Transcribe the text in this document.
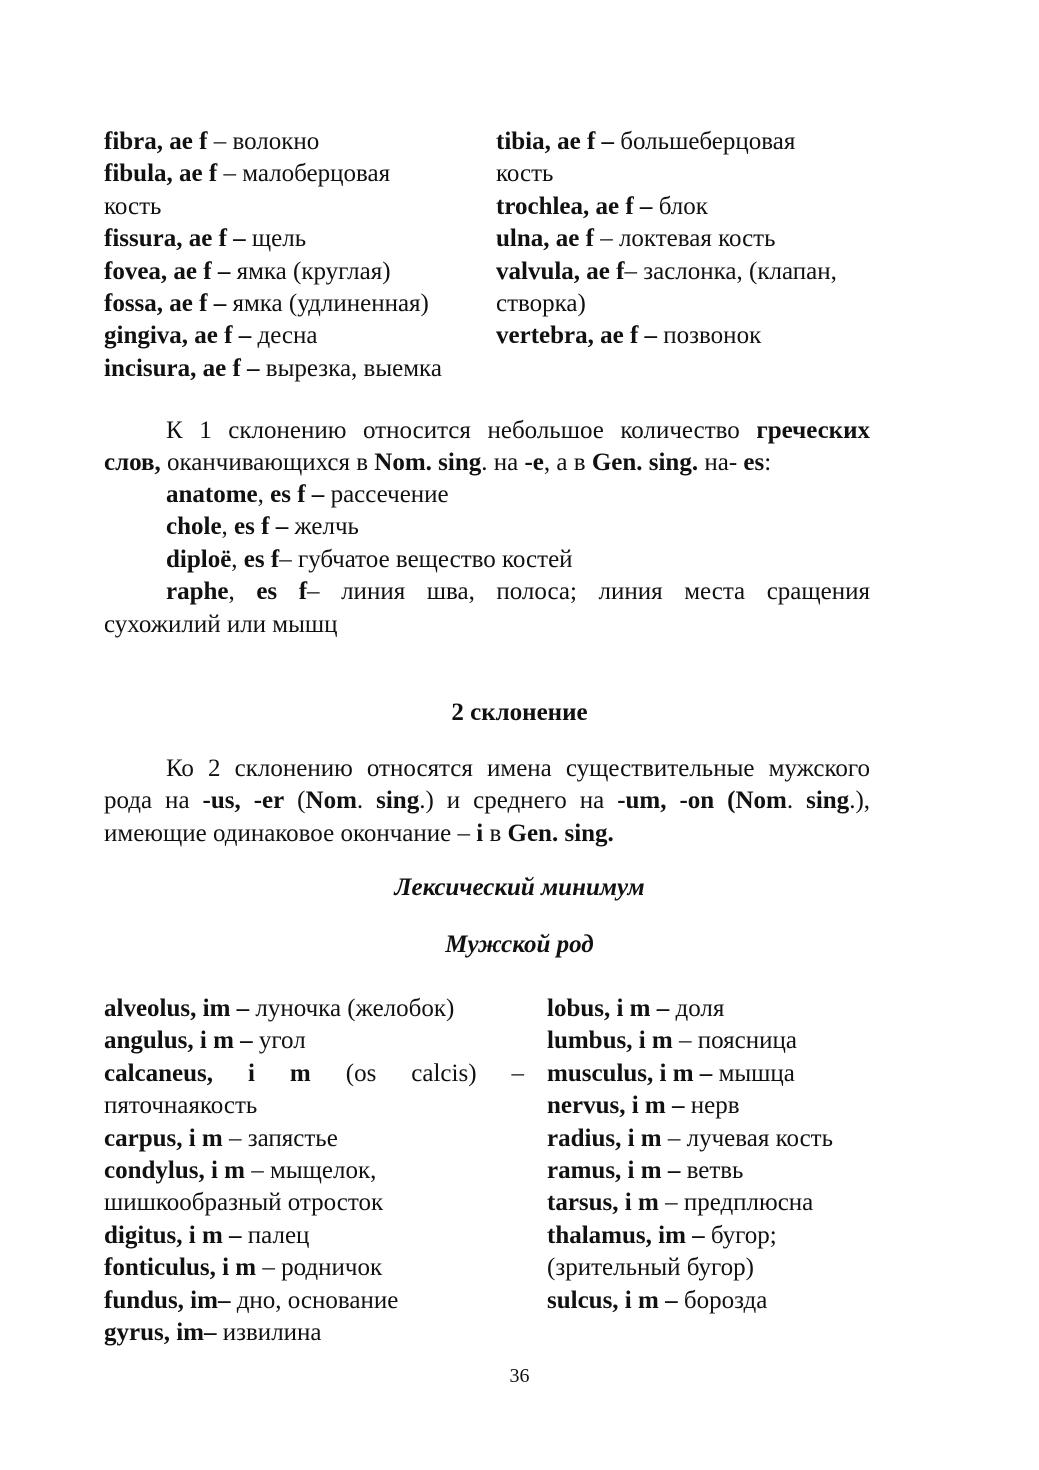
fibra, ae f – волокно
fibula, ae f – малоберцовая кость
fissura, ae f – щель
fovea, ae f – ямка (круглая)
fossa, ae f – ямка (удлиненная)
gingiva, ae f – десна
incisura, ae f – вырезка, выемка
tibia, ae f – большеберцовая кость
trochlea, ae f – блок
ulna, ae f – локтевая кость
valvula, ae f– заслонка, (клапан, створка)
vertebra, ae f – позвонок
К 1 склонению относится небольшое количество греческих слов, оканчивающихся в Nom. sing. на -e, а в Gen. sing. на- es:
anatome, es f – рассечение
chole, es f – желчь
diploë, es f– губчатое вещество костей
raphe, es f– линия шва, полоса; линия места сращения сухожилий или мышц
2 склонение
Ко 2 склонению относятся имена существительные мужского рода на -us, -er (Nom. sing.) и среднего на -um, -on (Nom. sing.), имеющие одинаковое окончание – i в Gen. sing.
Лексический минимум
Мужской род
alveolus, im – луночка (желобок)
angulus, i m – угол
calcaneus, i m (os calcis) – пяточнаякость
carpus, i m – запястье
condylus, i m – мыщелок, шишкообразный отросток
digitus, i m – палец
fonticulus, i m – родничок
fundus, im– дно, основание
gyrus, im– извилина
lobus, i m – доля
lumbus, i m – поясница
musculus, i m – мышца
nervus, i m – нерв
radius, i m – лучевая кость
ramus, i m – ветвь
tarsus, i m – предплюсна
thalamus, im – бугор; (зрительный бугор)
sulcus, i m – борозда
36
